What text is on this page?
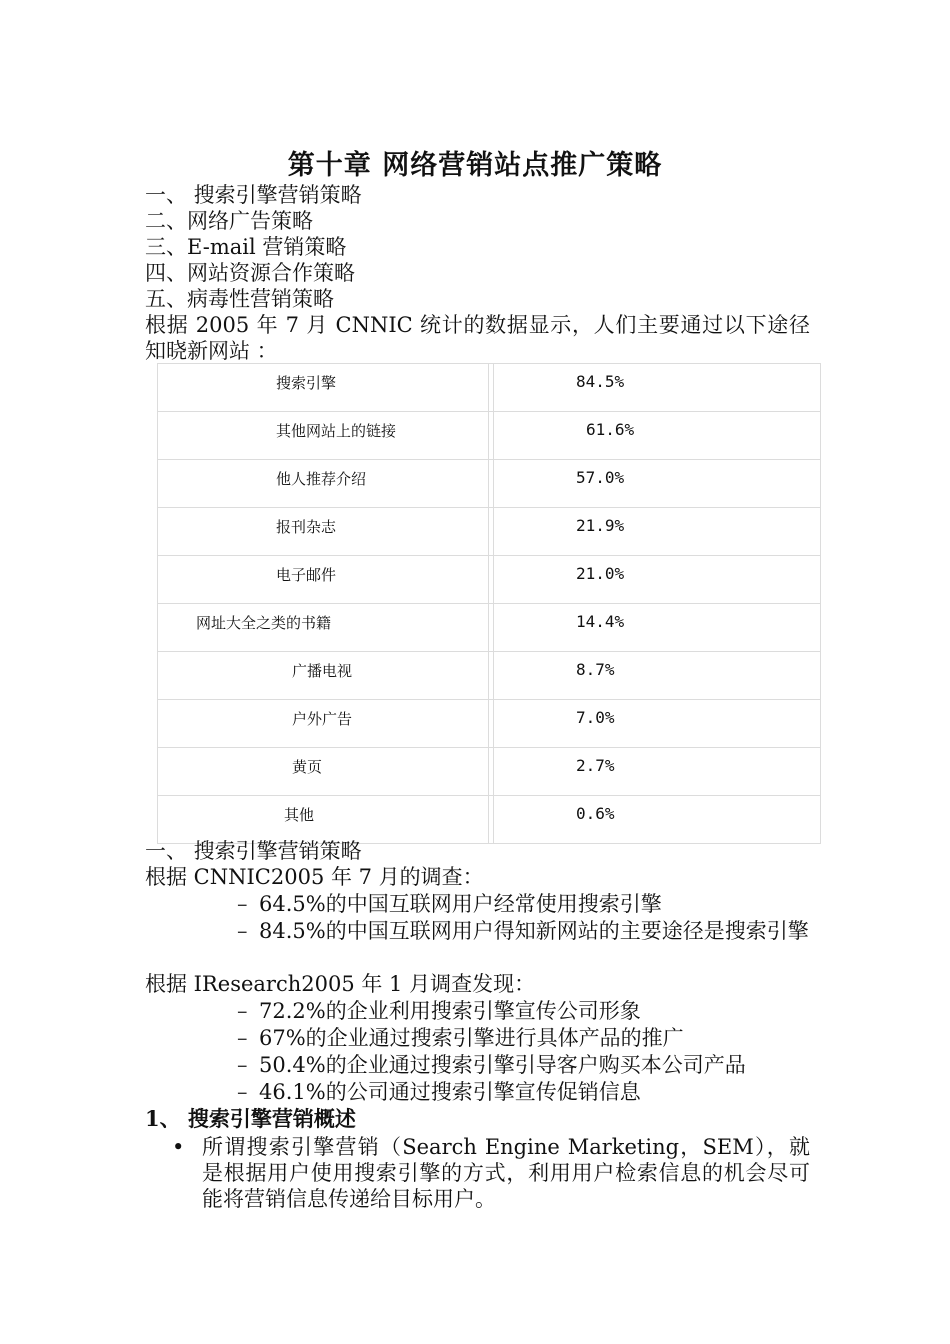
第十章 网络营销站点推广策略
一、 搜索引擎营销策略
二、网络广告策略
三、E-mail 营销策略
四、网站资源合作策略
五、病毒性营销策略
根据 2005 年 7 月 CNNIC 统计的数据显示，人们主要通过以下途径知晓新网站 ：
搜索引擎		84.5%
其他网站上的链接		61.6%
他人推荐介绍		57.0%
报刊杂志		21.9%
电子邮件		21.0%
网址大全之类的书籍		14.4%
广播电视		8.7%
户外广告		7.0%
黄页		2.7%
其他		0.6%
一、 搜索引擎营销策略
根据 CNNIC2005 年 7 月的调查：
– 64.5%的中国互联网用户经常使用搜索引擎
– 84.5%的中国互联网用户得知新网站的主要途径是搜索引擎
根据 IResearch2005 年 1 月调查发现：
– 72.2%的企业利用搜索引擎宣传公司形象
– 67%的企业通过搜索引擎进行具体产品的推广
– 50.4%的企业通过搜索引擎引导客户购买本公司产品
– 46.1%的公司通过搜索引擎宣传促销信息
1、 搜索引擎营销概述
• 所谓搜索引擎营销（Search Engine Marketing，SEM），就是根据用户使用搜索引擎的方式，利用用户检索信息的机会尽可能将营销信息传递给目标用户。
